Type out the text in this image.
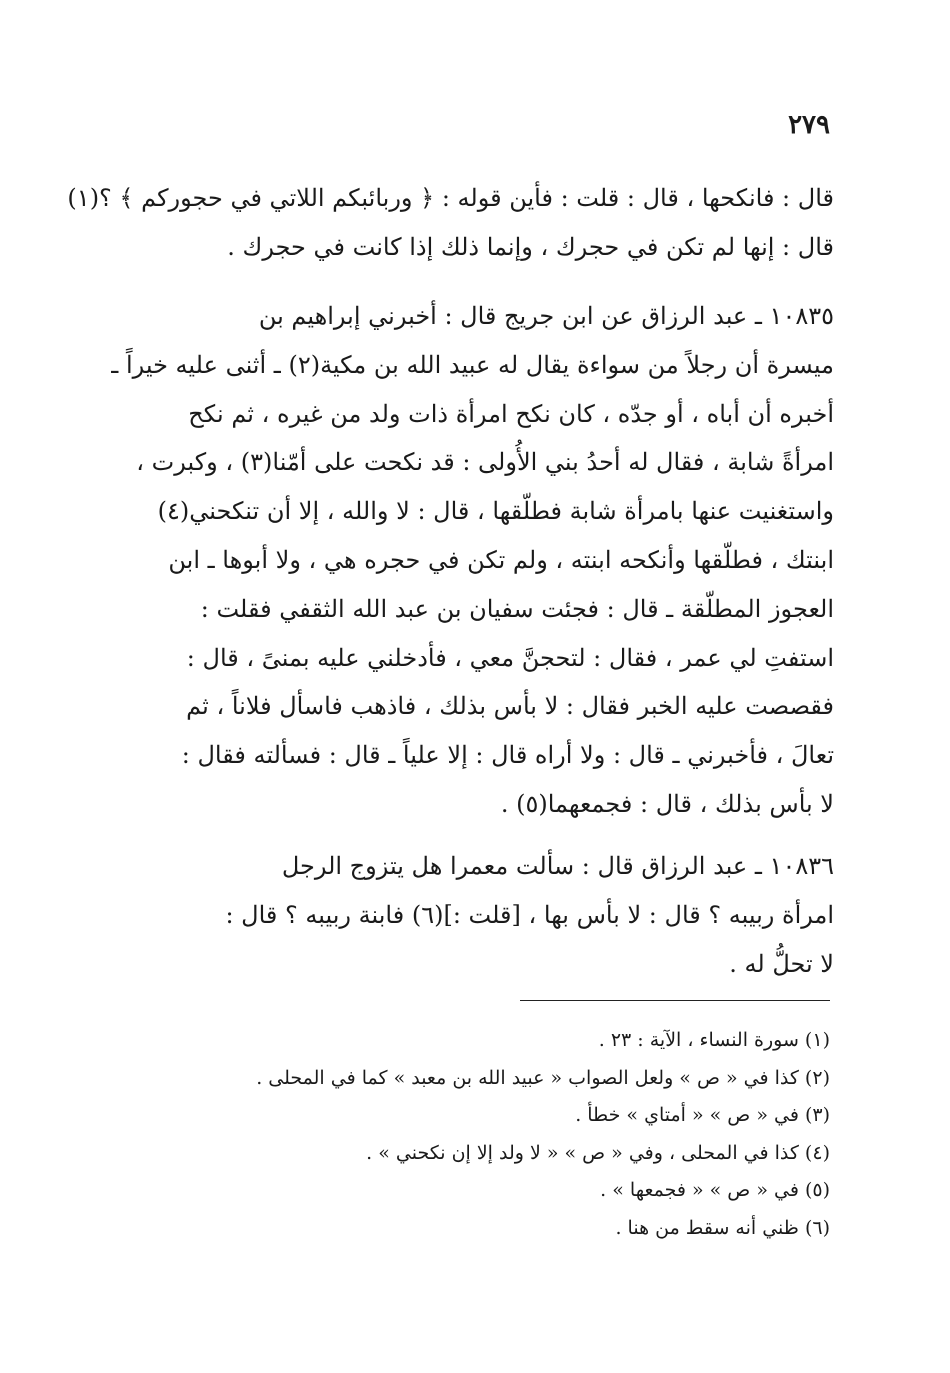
٢٧٩
قال : فانكحها ، قال : قلت : فأين قوله : ﴿ وربائبكم اللاتي في حجوركم ﴾ ؟(١)
قال : إنها لم تكن في حجرك ، وإنما ذلك إذا كانت في حجرك .
١٠٨٣٥ ـ عبد الرزاق عن ابن جريج قال : أخبرني إبراهيم بن
ميسرة أن رجلاً من سواءة يقال له عبيد الله بن مكية(٢) ـ أثنى عليه خيراً ـ
أخبره أن أباه ، أو جدّه ، كان نكح امرأة ذات ولد من غيره ، ثم نكح
امرأةً شابة ، فقال له أحدُ بني الأُولى : قد نكحت على أمّنا(٣) ، وكبرت ،
واستغنيت عنها بامرأة شابة فطلّقها ، قال : لا والله ، إلا أن تنكحني(٤)
ابنتك ، فطلّقها وأنكحه ابنته ، ولم تكن في حجره هي ، ولا أبوها ـ ابن
العجوز المطلّقة ـ قال : فجئت سفيان بن عبد الله الثقفي فقلت :
استفتِ لي عمر ، فقال : لتحجنَّ معي ، فأدخلني عليه بمنىً ، قال :
فقصصت عليه الخبر فقال : لا بأس بذلك ، فاذهب فاسأل فلاناً ، ثم
تعالَ ، فأخبرني ـ قال : ولا أراه قال : إلا علياً ـ قال : فسألته فقال :
لا بأس بذلك ، قال : فجمعهما(٥) .
١٠٨٣٦ ـ عبد الرزاق قال : سألت معمرا هل يتزوج الرجل
امرأة ربيبه ؟ قال : لا بأس بها ، [قلت :](٦) فابنة ربيبه ؟ قال :
لا تحلُّ له .
(١) سورة النساء ، الآية : ٢٣ .
(٢) كذا في « ص » ولعل الصواب « عبيد الله بن معبد » كما في المحلى .
(٣) في « ص » « أمتاي » خطأ .
(٤) كذا في المحلى ، وفي « ص » « لا ولد إلا إن نكحني » .
(٥) في « ص » « فجمعها » .
(٦) ظني أنه سقط من هنا .
